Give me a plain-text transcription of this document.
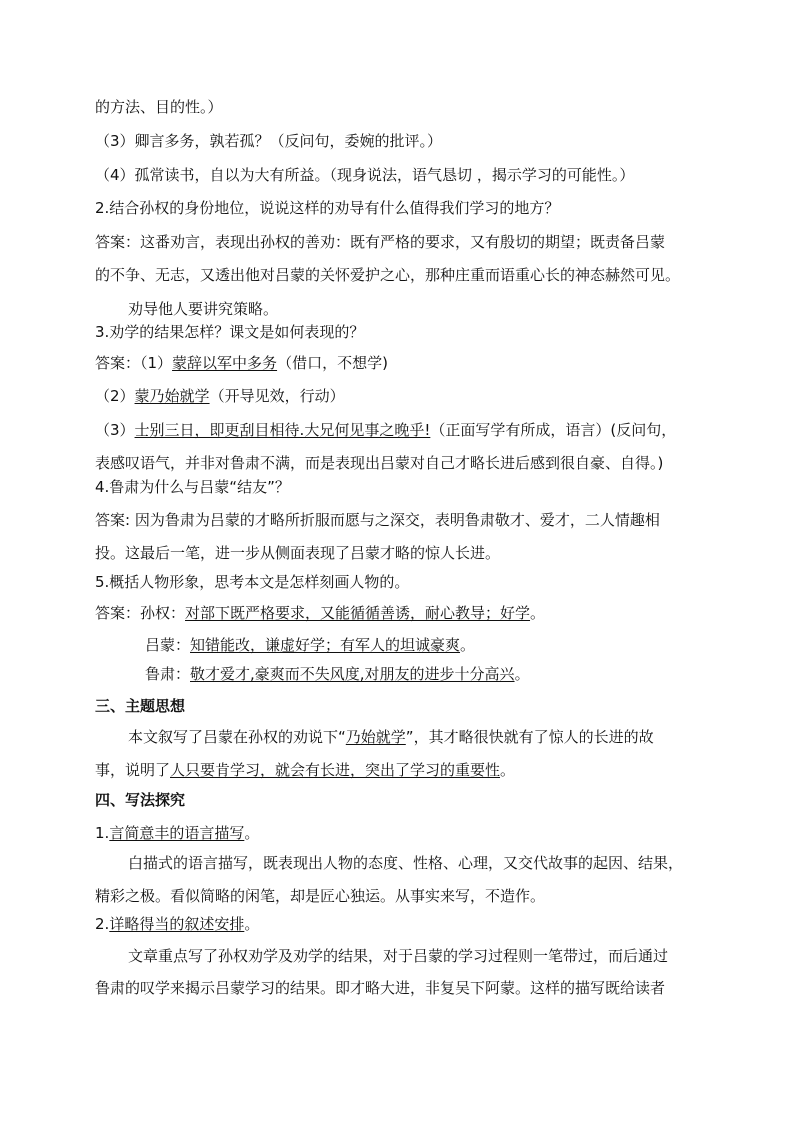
的方法、目的性。）
（3）卿言多务，孰若孤？（反问句，委婉的批评。）
（4）孤常读书，自以为大有所益。（现身说法，语气恳切 ，揭示学习的可能性。）
2.结合孙权的身份地位，说说这样的劝导有什么值得我们学习的地方？
答案：这番劝言，表现出孙权的善劝：既有严格的要求，又有殷切的期望；既责备吕蒙
的不争、无志，又透出他对吕蒙的关怀爱护之心，那种庄重而语重心长的神态赫然可见。
劝导他人要讲究策略。
3.劝学的结果怎样？课文是如何表现的？
答案：（1）蒙辞以军中多务（借口，不想学)
（2）蒙乃始就学（开导见效，行动）
（3）士别三日，即更刮目相待.大兄何见事之晚乎!（正面写学有所成，语言）(反问句，
表感叹语气，并非对鲁肃不满，而是表现出吕蒙对自己才略长进后感到很自豪、自得。)
4.鲁肃为什么与吕蒙“结友”？
答案: 因为鲁肃为吕蒙的才略所折服而愿与之深交，表明鲁肃敬才、爱才，二人情趣相
投。这最后一笔，进一步从侧面表现了吕蒙才略的惊人长进。
5.概括人物形象，思考本文是怎样刻画人物的。
答案：孙权：对部下既严格要求，又能循循善诱，耐心教导；好学。
吕蒙：知错能改，谦虚好学；有军人的坦诚豪爽。
鲁肃：敬才爱才,豪爽而不失风度,对朋友的进步十分高兴。
三、主题思想
本文叙写了吕蒙在孙权的劝说下“乃始就学”，其才略很快就有了惊人的长进的故
事，说明了人只要肯学习，就会有长进，突出了学习的重要性。
四、写法探究
1.言简意丰的语言描写。
白描式的语言描写，既表现出人物的态度、性格、心理，又交代故事的起因、结果，
精彩之极。看似简略的闲笔，却是匠心独运。从事实来写，不造作。
2.详略得当的叙述安排。
文章重点写了孙权劝学及劝学的结果，对于吕蒙的学习过程则一笔带过，而后通过
鲁肃的叹学来揭示吕蒙学习的结果。即才略大进，非复吴下阿蒙。这样的描写既给读者
